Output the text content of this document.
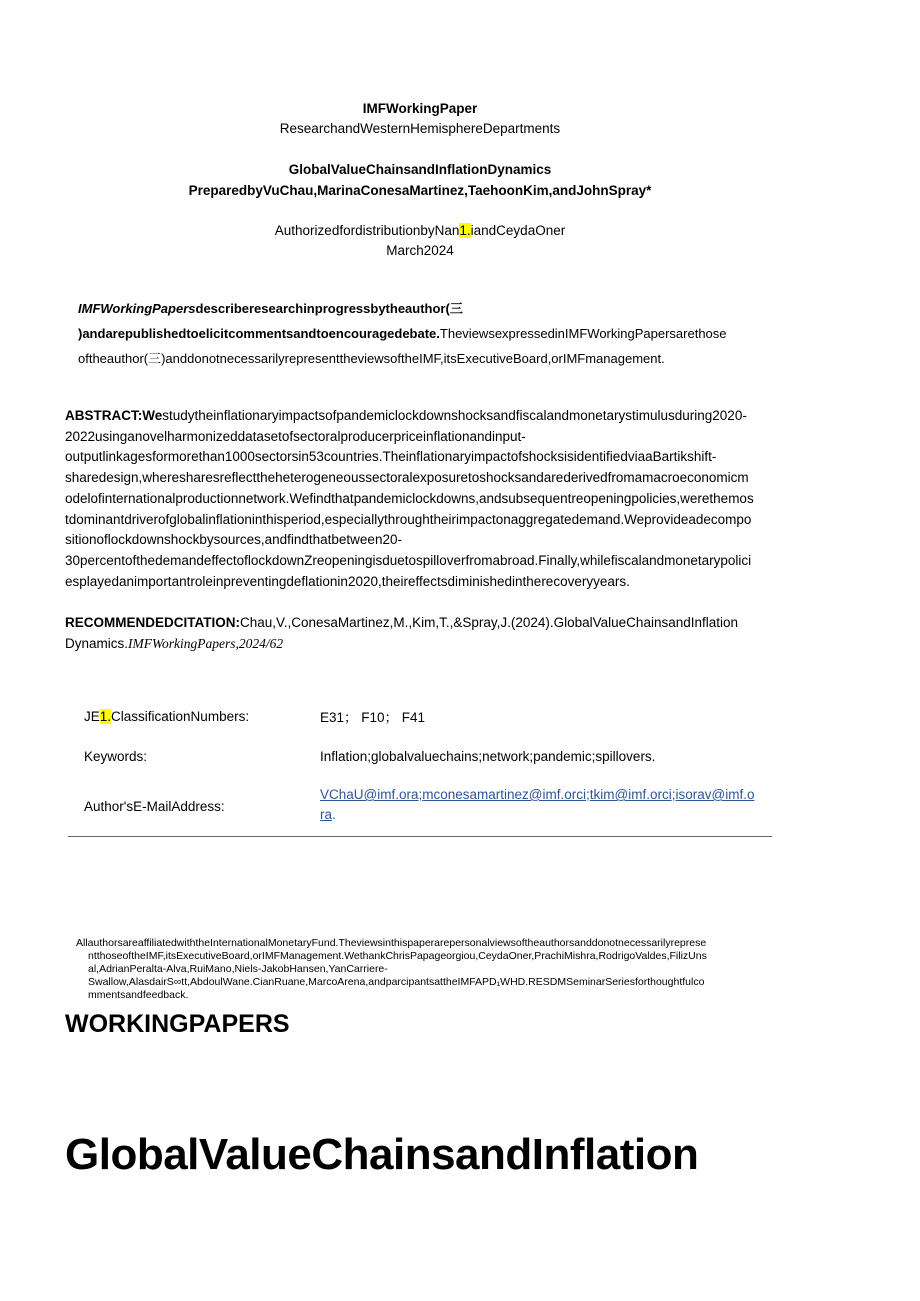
IMFWorkingPaper
ResearchandWesternHemisphereDepartments
GlobalValueChainsandInflationDynamics
PreparedbyVuChau,MarinaConesaMartinez,TaehoonKim,andJohnSpray*
AuthorizedfordistributionbyNan1.iandCeydaOner
March2024
IMFWorkingPapersdescriberesearchinprogressbytheauthor(三
)andarepublishedtoelicitcommentsandtoencouragedebate.TheviewsexpressedinIMFWorkingPapersarethose
oftheauthor(三)anddonotnecessarilyrepresenttheviewsoftheIMF,itsExecutiveBoard,orIMFmanagement.

ABSTRACT:Westudytheinflationaryimpactsofpandemiclockdownshocksandfiscalandmonetarystimulusduring2020-

2022usinganovelharmonizeddatasetofsectoralproducerpriceinflationandinput-

outputlinkagesformorethan1000sectorsin53countries.TheinflationaryimpactofshocksisidentifiedviaaBartikshift-

sharedesign,wheresharesreflecttheheterogeneoussectoralexposuretoshocksandarederivedfromamacroeconomicm

odelofinternationalproductionnetwork.Wefindthatpandemiclockdowns,andsubsequentreopeningpolicies,werethemos

tdominantdriverofglobalinflationinthisperiod,especiallythroughtheirimpactonaggregatedemand.Weprovideadecompo

sitionoflockdownshockbysources,andfindthatbetween20-

30percentofthedemandeffectoflockdownZreopeningisduetospilloverfromabroad.Finally,whilefiscalandmonetarypolici

esplayedanimportantroleinpreventingdeflationin2020,theireffectsdiminishedintherecoveryyears.

RECOMMENDEDCITATION:Chau,V.,ConesaMartinez,M.,Kim,T.,&Spray,J.(2024).GlobalValueChainsandInflation
Dynamics.IMFWorkingPapers,2024/62
JE1.ClassificationNumbers:	E31； F10； F41
Keywords:	Inflation;globalvaluechains;network;pandemic;spillovers.
Author'sE-MailAddress:
VChaU@imf.ora;mconesamartinez@imf.orci;tkim@imf.orci;isorav@imf.o
ra.
AllauthorsareaffiliatedwiththeInternationalMonetaryFund.Theviewsinthispaperarepersonalviewsoftheauthorsanddonotnecessarilyreprese
ntthoseoftheIMF,itsExecutiveBoard,orIMFManagement.WethankChrisPapageorgiou,CeydaOner,PrachiMishra,RodrigoValdes,FilizUns
al,AdrianPeralta-Alva,RuiMano,Niels-JakobHansen,YanCarriere-
Swallow,AlasdairS∞tt,AbdoulWane.CianRuane,MarcoArena,andparcipantsattheIMFAPD₁WHD.RESDMSeminarSeriesforthoughtfulco
mmentsandfeedback.
WORKINGPAPERS
GlobalValueChainsandInflation
